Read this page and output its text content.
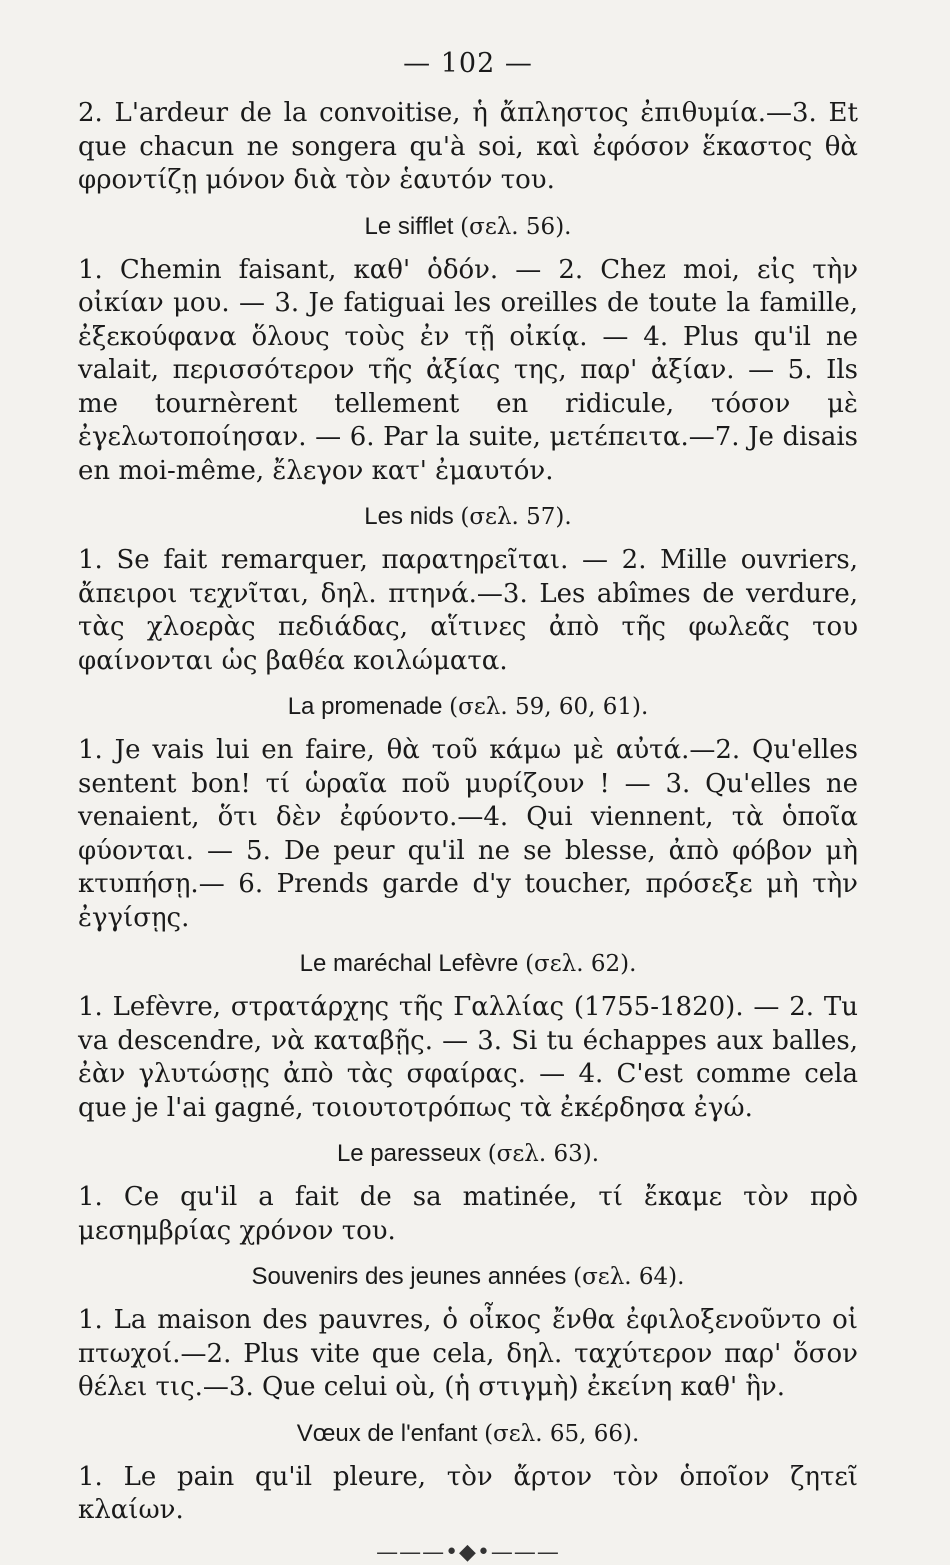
— 102 —

2. L'ardeur de la convoitise, ἡ ἄπληστος ἐπιθυμία.—3. Et que chacun ne songera qu'à soi, καὶ ἐφόσον ἕκαστος θὰ φροντίζῃ μόνον διὰ τὸν ἑαυτόν του.

Le sifflet (σελ. 56).

1. Chemin faisant, καθ' ὁδόν. — 2. Chez moi, εἰς τὴν οἰκίαν μου. — 3. Je fatiguai les oreilles de toute la famille, ἐξεκούφανα ὅλους τοὺς ἐν τῇ οἰκίᾳ. — 4. Plus qu'il ne valait, περισσότερον τῆς ἀξίας της, παρ' ἀξίαν. — 5. Ils me tournèrent tellement en ridicule, τόσον μὲ ἐγελωτοποίησαν. — 6. Par la suite, μετέπειτα.—7. Je disais en moi-même, ἔλεγον κατ' ἐμαυτόν.

Les nids (σελ. 57).

1. Se fait remarquer, παρατηρεῖται. — 2. Mille ouvriers, ἄπειροι τεχνῖται, δηλ. πτηνά.—3. Les abîmes de verdure, τὰς χλοερὰς πεδιάδας, αἵτινες ἀπὸ τῆς φωλεᾶς του φαίνονται ὡς βαθέα κοιλώματα.

La promenade (σελ. 59, 60, 61).

1. Je vais lui en faire, θὰ τοῦ κάμω μὲ αὐτά.—2. Qu'elles sentent bon! τί ὡραῖα ποῦ μυρίζουν ! — 3. Qu'elles ne venaient, ὅτι δὲν ἐφύοντο.—4. Qui viennent, τὰ ὁποῖα φύονται. — 5. De peur qu'il ne se blesse, ἀπὸ φόβον μὴ κτυπήσῃ.— 6. Prends garde d'y toucher, πρόσεξε μὴ τὴν ἐγγίσῃς.

Le maréchal Lefèvre (σελ. 62).

1. Lefèvre, στρατάρχης τῆς Γαλλίας (1755-1820). — 2. Tu va descendre, νὰ καταβῇς. — 3. Si tu échappes aux balles, ἐὰν γλυτώσῃς ἀπὸ τὰς σφαίρας. — 4. C'est comme cela que je l'ai gagné, τοιουτοτρόπως τὰ ἐκέρδησα ἐγώ.

Le paresseux (σελ. 63).

1. Ce qu'il a fait de sa matinée, τί ἔκαμε τὸν πρὸ μεσημβρίας χρόνον του.

Souvenirs des jeunes années (σελ. 64).

1. La maison des pauvres, ὁ οἶκος ἔνθα ἐφιλοξενοῦντο οἱ πτωχοί.—2. Plus vite que cela, δηλ. ταχύτερον παρ' ὅσον θέλει τις.—3. Que celui où, (ἡ στιγμὴ) ἐκείνη καθ' ἣν.

Vœux de l'enfant (σελ. 65, 66).

1. Le pain qu'il pleure, τὸν ἄρτον τὸν ὁποῖον ζητεῖ κλαίων.

———•◆•———
